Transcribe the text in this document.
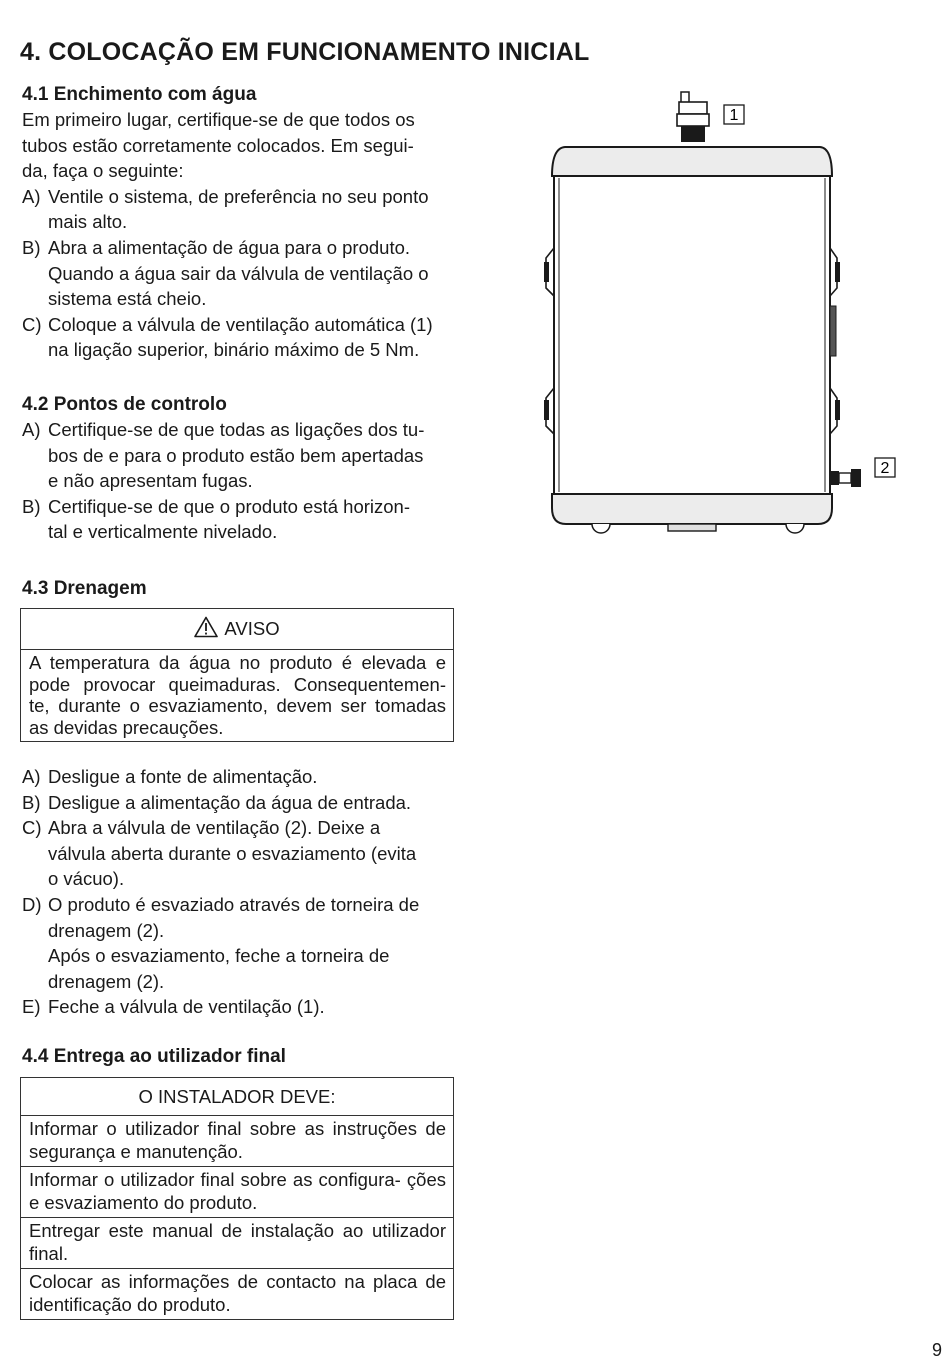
4. COLOCAÇÃO EM FUNCIONAMENTO INICIAL
4.1 Enchimento com água

Em primeiro lugar, certifique-se de que todos os
tubos estão corretamente colocados. Em segui-
da, faça o seguinte:

A) Ventile o sistema, de preferência no seu ponto
mais alto.
B) Abra a alimentação de água para o produto.
Quando a água sair da válvula de ventilação o
sistema está cheio.
C) Coloque a válvula de ventilação automática (1)
na ligação superior, binário máximo de 5 Nm.
4.2 Pontos de controlo
A) Certifique-se de que todas as ligações dos tu-
bos de e para o produto estão bem apertadas
e não apresentam fugas.
B) Certifique-se de que o produto está horizon-
tal e verticalmente nivelado.
4.3 Drenagem
AVISO
A temperatura da água no produto é elevada e pode provocar queimaduras. Consequentemen- te, durante o esvaziamento, devem ser tomadas as devidas precauções.
A) Desligue a fonte de alimentação.
B) Desligue a alimentação da água de entrada.
C) Abra a válvula de ventilação (2). Deixe a
válvula aberta durante o esvaziamento (evita
o vácuo).
D) O produto é esvaziado através de torneira de
drenagem (2).
Após o esvaziamento, feche a torneira de
drenagem (2).
E) Feche a válvula de ventilação (1).
4.4 Entrega ao utilizador final
O INSTALADOR DEVE:
Informar o utilizador final sobre as instruções de segurança e manutenção.
Informar o utilizador final sobre as configura- ções e esvaziamento do produto.
Entregar este manual de instalação ao utilizador final.
Colocar as informações de contacto na placa de identificação do produto.
1
2
9
